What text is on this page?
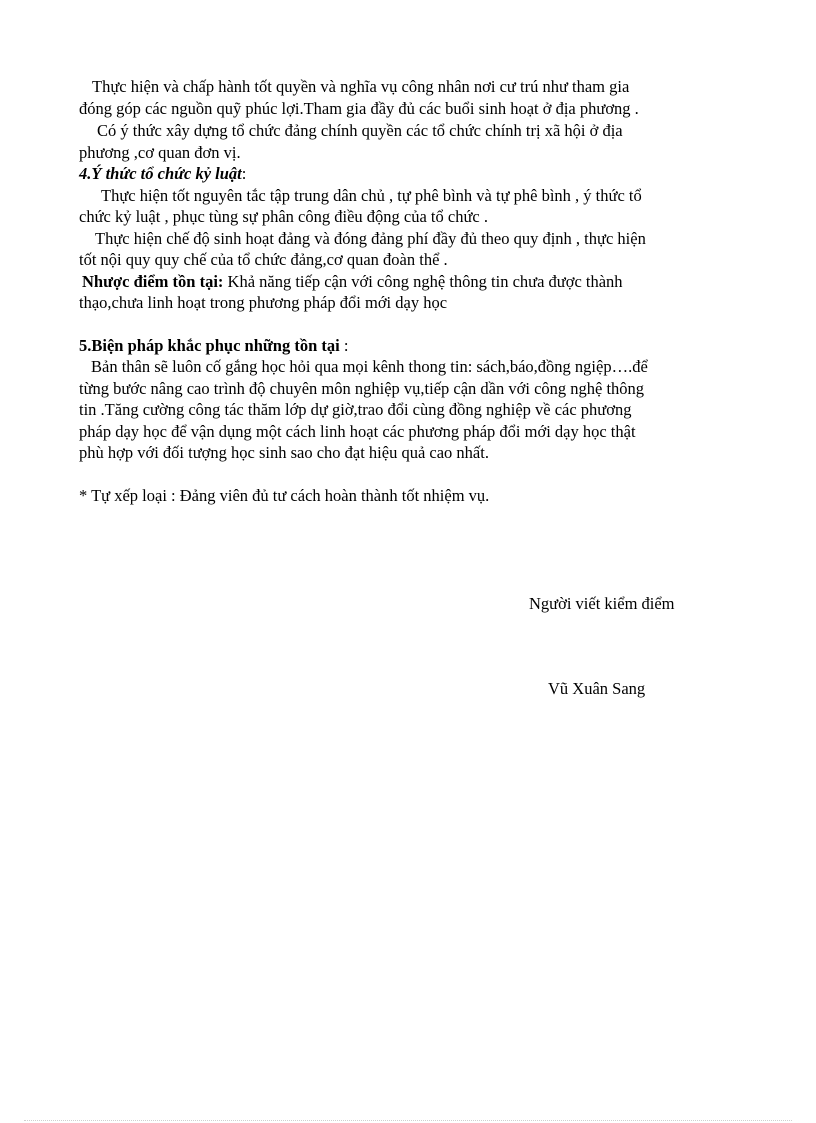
Thực hiện và chấp hành tốt quyền và nghĩa vụ công nhân nơi cư trú như tham gia
đóng góp các nguồn quỹ phúc lợi.Tham gia đầy đủ các buổi sinh hoạt ở địa phương .
Có ý thức xây dựng tổ chức đảng chính quyền các tổ chức chính trị xã hội ở địa
phương ,cơ quan đơn vị.
4.Ý thức tổ chức kỷ luật:
Thực hiện tốt nguyên tắc tập trung dân chủ , tự phê bình và tự phê bình , ý thức tổ
chức kỷ luật , phục tùng sự phân công điều động của tổ chức .
Thực hiện chế độ sinh hoạt đảng và đóng đảng phí đầy đủ theo quy định , thực hiện
tốt nội quy quy chế của tổ chức đảng,cơ quan đoàn thể .
Nhược điểm tồn tại: Khả năng tiếp cận với công nghệ thông tin chưa được thành
thạo,chưa linh hoạt trong phương pháp đổi mới dạy học
5.Biện pháp khắc phục những tồn tại :
Bản thân sẽ luôn cố gắng học hỏi qua mọi kênh thong tin: sách,báo,đồng ngiệp….để
từng bước nâng cao trình độ chuyên môn nghiệp vụ,tiếp cận dần với công nghệ thông
tin .Tăng cường công tác thăm lớp dự giờ,trao đổi cùng đồng nghiệp về các phương
pháp dạy học để vận dụng một cách linh hoạt các phương pháp đổi mới dạy học thật
phù hợp với đối tượng học sinh sao cho đạt hiệu quả cao nhất.
* Tự xếp loại : Đảng viên đủ tư cách hoàn thành tốt nhiệm vụ.
Người viết kiểm điểm
Vũ Xuân Sang
